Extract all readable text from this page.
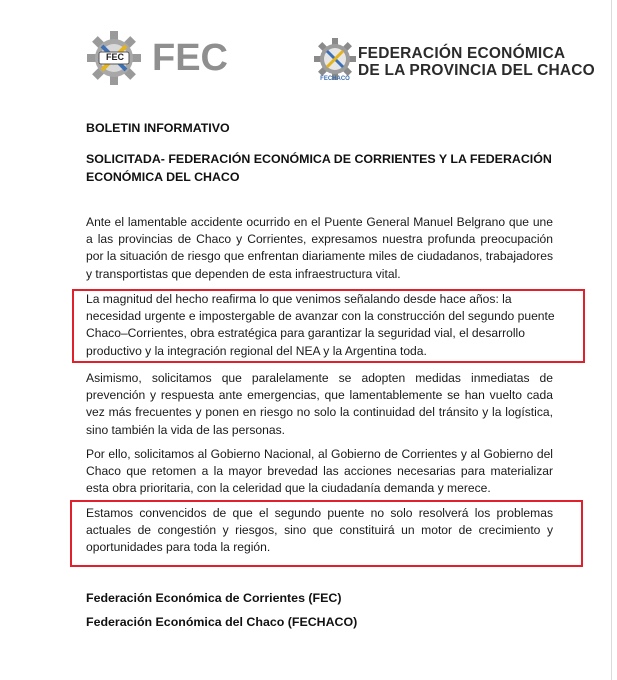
FEC FEC	FECHACO
FEDERACIÓN ECONÓMICA
DE LA PROVINCIA DEL CHACO
BOLETIN INFORMATIVO
SOLICITADA- FEDERACIÓN ECONÓMICA DE CORRIENTES Y LA FEDERACIÓN
ECONÓMICA DEL CHACO
Ante el lamentable accidente ocurrido en el Puente General Manuel Belgrano que une a las provincias de Chaco y Corrientes, expresamos nuestra profunda preocupación por la situación de riesgo que enfrentan diariamente miles de ciudadanos, trabajadores y transportistas que dependen de esta infraestructura vital.
La magnitud del hecho reafirma lo que venimos señalando desde hace años: la necesidad urgente e impostergable de avanzar con la construcción del segundo puente Chaco–Corrientes, obra estratégica para garantizar la seguridad vial, el desarrollo productivo y la integración regional del NEA y la Argentina toda.
Asimismo, solicitamos que paralelamente se adopten medidas inmediatas de prevención y respuesta ante emergencias, que lamentablemente se han vuelto cada vez más frecuentes y ponen en riesgo no solo la continuidad del tránsito y la logística, sino también la vida de las personas.
Por ello, solicitamos al Gobierno Nacional, al Gobierno de Corrientes y al Gobierno del Chaco que retomen a la mayor brevedad las acciones necesarias para materializar esta obra prioritaria, con la celeridad que la ciudadanía demanda y merece.
Estamos convencidos de que el segundo puente no solo resolverá los problemas actuales de congestión y riesgos, sino que constituirá un motor de crecimiento y oportunidades para toda la región.
Federación Económica de Corrientes (FEC)
Federación Económica del Chaco (FECHACO)
